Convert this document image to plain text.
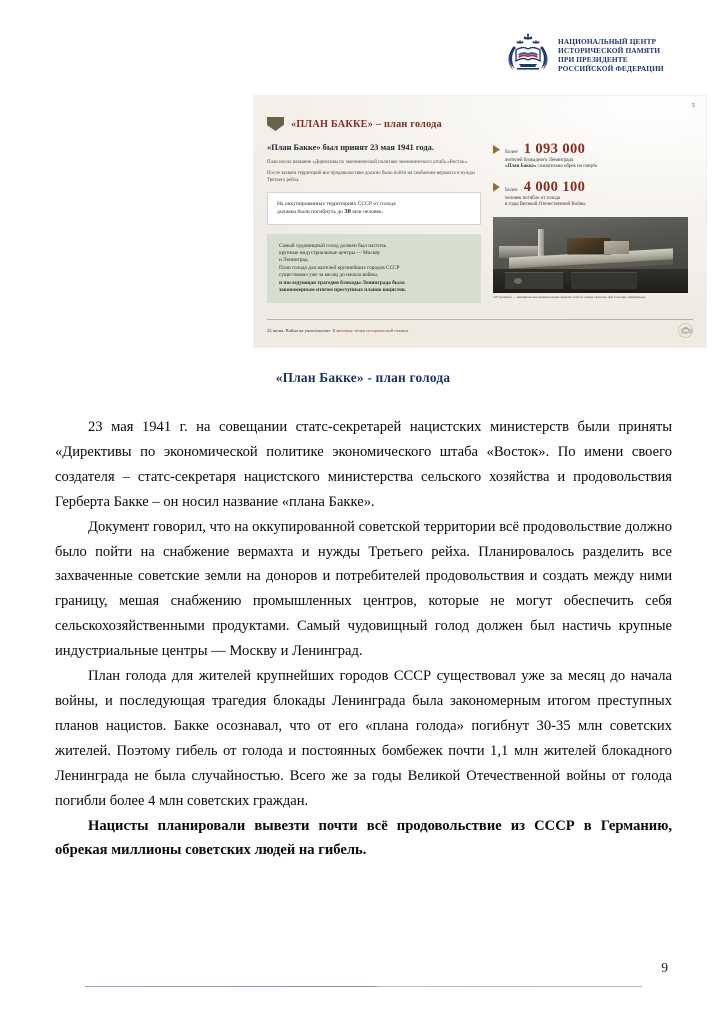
НАЦИОНАЛЬНЫЙ ЦЕНТР
ИСТОРИЧЕСКОЙ ПАМЯТИ
ПРИ ПРЕЗИДЕНТЕ
РОССИЙСКОЙ ФЕДЕРАЦИИ
5
«ПЛАН БАККЕ» – план голода
«План Бакке» был принят 23 мая 1941 года.
План носил название «Директивы по экономической политике экономического штаба «Восток».
После захвата территорий все продовольствие должно было пойти на снабжение вермахта и нужды Третьего рейха.
На оккупированных территориях СССР от голода
должны были погибнуть до 30 млн человек.
Самый чудовищный голод должен был настичь
крупные индустриальные центры — Москву
и Ленинград.
План голода для жителей крупнейших городов СССР
существовал уже за месяц до начала войны,
и последующая трагедия блокады Ленинграда была
закономерным итогом преступных планов нацистов.
Более 1 093 000
жителей блокадного Ленинграда
«План Бакке» сознательно обрек на смерть
Более 4 000 100
человек погибло от голода
в годы Великой Отечественной Войны
125 граммов — минимальная дневная норма выдачи хлеба в самые тяжелые дни блокады Ленинграда.
22 июня. Война на уничтожение. Ключевые точки исторической памяти
«План Бакке» - план голода

23 мая 1941 г. на совещании статс-секретарей нацистских министерств были приняты «Директивы по экономической политике экономического штаба «Восток». По имени своего создателя – статс-секретаря нацистского министерства сельского хозяйства и продовольствия Герберта Бакке – он носил название «плана Бакке».

Документ говорил, что на оккупированной советской территории всё продовольствие должно было пойти на снабжение вермахта и нужды Третьего рейха. Планировалось разделить все захваченные советские земли на доноров и потребителей продовольствия и создать между ними границу, мешая снабжению промышленных центров, которые не могут обеспечить себя сельскохозяйственными продуктами. Самый чудовищный голод должен был настичь крупные индустриальные центры — Москву и Ленинград.

План голода для жителей крупнейших городов СССР существовал уже за месяц до начала войны, и последующая трагедия блокады Ленинграда была закономерным итогом преступных планов нацистов. Бакке осознавал, что от его «плана голода» погибнут 30-35 млн советских жителей. Поэтому гибель от голода и постоянных бомбежек почти 1,1 млн жителей блокадного Ленинграда не была случайностью. Всего же за годы Великой Отечественной войны от голода погибли более 4 млн советских граждан.

Нацисты планировали вывезти почти всё продовольствие из СССР в Германию, обрекая миллионы советских людей на гибель.

9
